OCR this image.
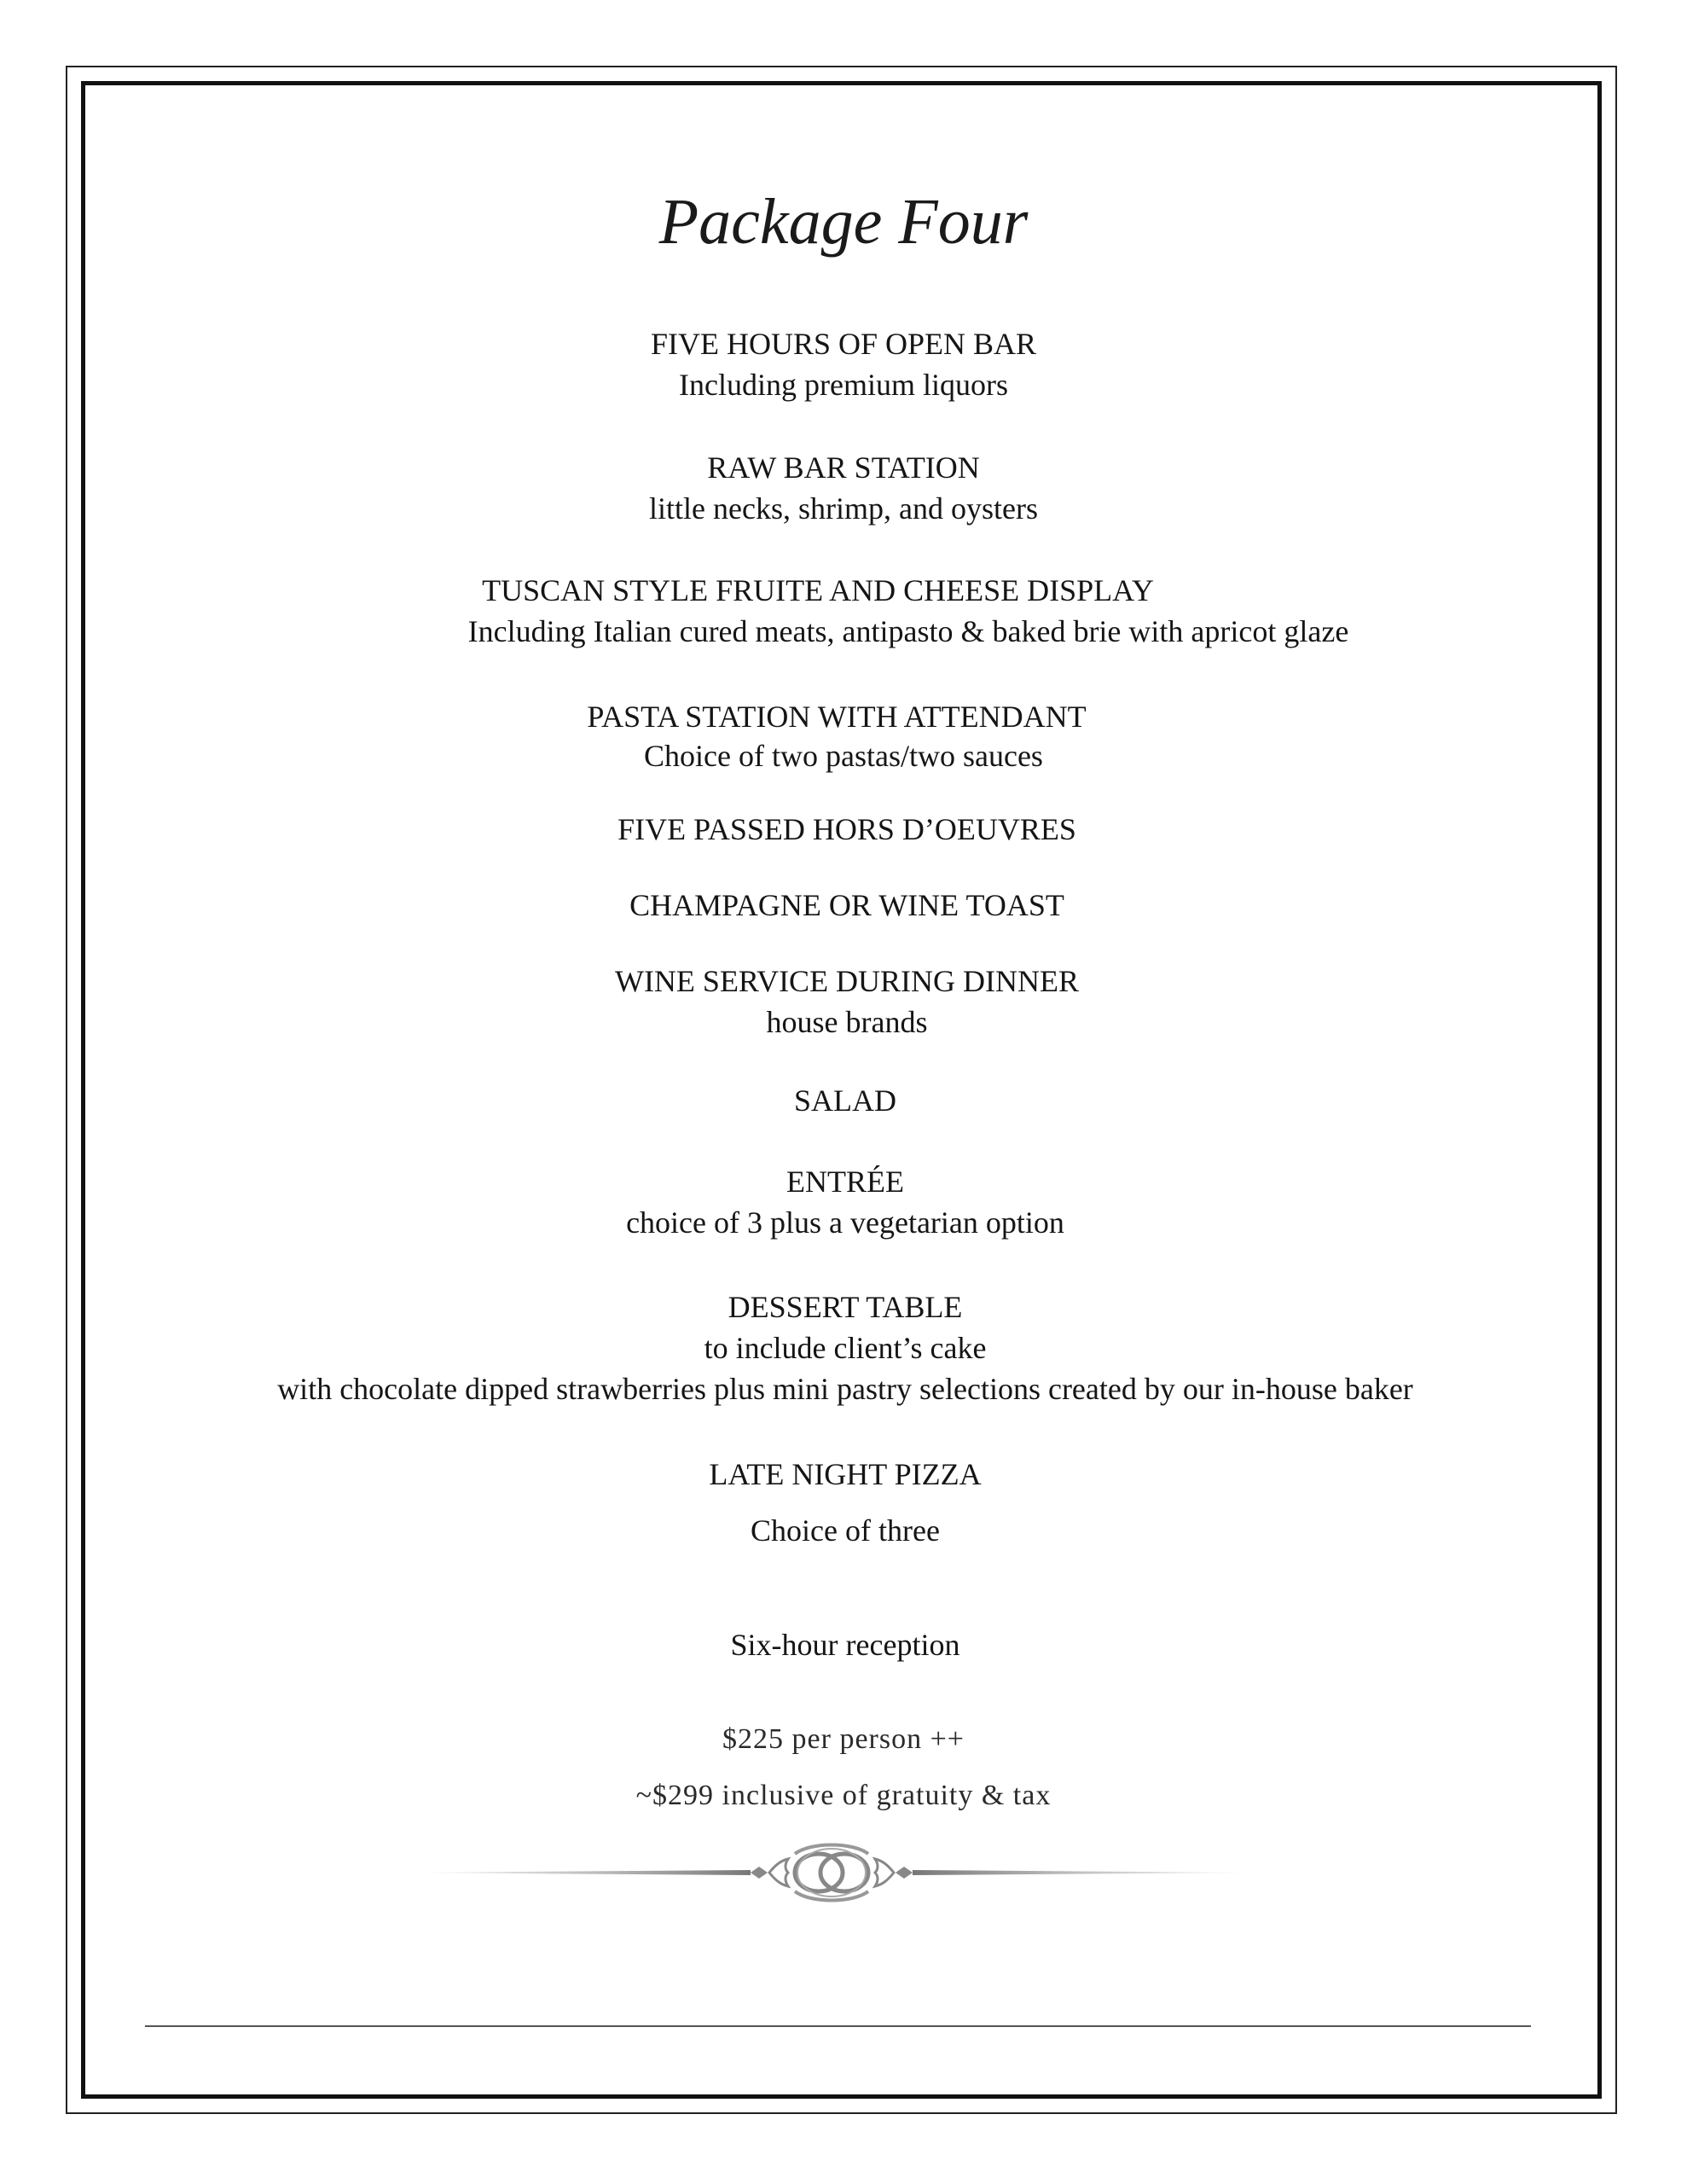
Package Four
FIVE HOURS OF OPEN BAR
Including premium liquors
RAW BAR STATION
little necks, shrimp, and oysters
TUSCAN STYLE FRUITE AND CHEESE DISPLAY
Including Italian cured meats, antipasto & baked brie with apricot glaze
PASTA STATION WITH ATTENDANT
Choice of two pastas/two sauces
FIVE PASSED HORS D’OEUVRES
CHAMPAGNE OR WINE TOAST
WINE SERVICE DURING DINNER
house brands
SALAD
ENTRÉE
choice of 3 plus a vegetarian option
DESSERT TABLE
to include client’s cake
with chocolate dipped strawberries plus mini pastry selections created by our in-house baker
LATE NIGHT PIZZA
Choice of three
Six-hour reception
$225 per person ++
~$299 inclusive of gratuity & tax
